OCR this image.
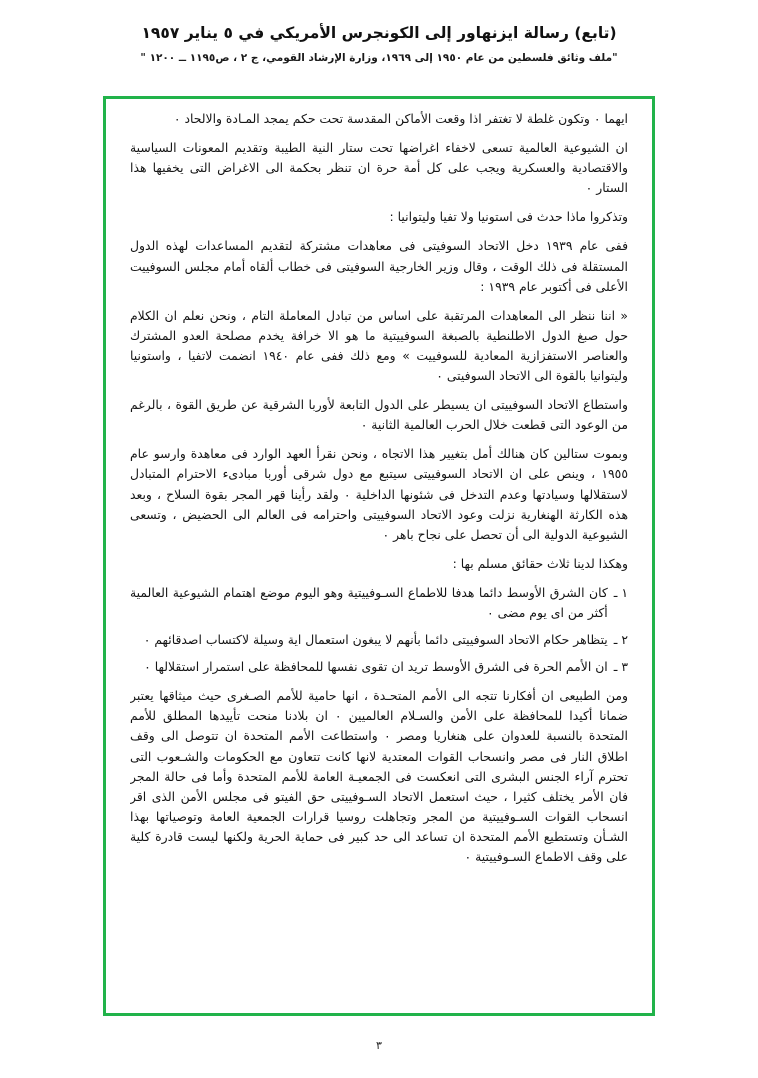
(تابع) رسالة ايزنهاور إلى الكونجرس الأمريكي في ٥ يناير ١٩٥٧
"ملف وثائق فلسطين من عام ١٩٥٠ إلى ١٩٦٩، وزارة الإرشاد القومي، ج ٢ ، ص١١٩٥ ــ ١٢٠٠ "

ايهما ٠ وتكون غلطة لا تغتفر اذا وقعت الأماكن المقدسة تحت حكم يمجد المـادة والالحاد ٠

ان الشيوعية العالمية تسعى لاخفاء اغراضها تحت ستار النية الطيبة وتقديم المعونات السياسية والاقتصادية والعسكرية ويجب على كل أمة حرة ان تنظر بحكمة الى الاغراض التى يخفيها هذا الستار ٠

وتذكروا ماذا حدث فى استونيا ولا تفيا وليتوانيا :

ففى عام ١٩٣٩ دخل الاتحاد السوفيتى فى معاهدات مشتركة لتقديم المساعدات لهذه الدول المستقلة فى ذلك الوقت ، وقال وزير الخارجية السوفيتى فى خطاب ألقاه أمام مجلس السوفييت الأعلى فى أكتوبر عام ١٩٣٩ :

« اننا ننظر الى المعاهدات المرتقبة على اساس من تبادل المعاملة التام ، ونحن نعلم ان الكلام حول صبغ الدول الاطلنطية بالصبغة السوفييتية ما هو الا خرافة يخدم مصلحة العدو المشترك والعناصر الاستفزازية المعادية للسوفييت » ومع ذلك ففى عام ١٩٤٠ انضمت لاتفيا ، واستونيا وليتوانيا بالقوة الى الاتحاد السوفيتى ٠

واستطاع الاتحاد السوفييتى ان يسيطر على الدول التابعة لأوربا الشرقية عن طريق القوة ، بالرغم من الوعود التى قطعت خلال الحرب العالمية الثانية ٠

وبموت ستالين كان هنالك أمل بتغيير هذا الاتجاه ، ونحن نقرأ العهد الوارد فى معاهدة وارسو عام ١٩٥٥ ، وينص على ان الاتحاد السوفييتى سيتبع مع دول شرقى أوربا مبادىء الاحترام المتبادل لاستقلالها وسيادتها وعدم التدخل فى شئونها الداخلية ٠ ولقد رأينا قهر المجر بقوة السلاح ، وبعد هذه الكارثة الهنغارية نزلت وعود الاتحاد السوفييتى واحترامه فى العالم الى الحضيض ، وتسعى الشيوعية الدولية الى أن تحصل على نجاح باهر ٠

وهكذا لدينا ثلاث حقائق مسلم بها :

١ ـ
كان الشرق الأوسط دائما هدفا للاطماع السـوفييتية وهو اليوم موضع اهتمام الشيوعية العالمية أكثر من اى يوم مضى ٠
٢ ـ
يتظاهر حكام الاتحاد السوفييتى دائما بأنهم لا يبغون استعمال اية وسيلة لاكتساب اصدقائهم ٠
٣ ـ
ان الأمم الحرة فى الشرق الأوسط تريد ان تقوى نفسها للمحافظة على استمرار استقلالها ٠

ومن الطبيعى ان أفكارنا تتجه الى الأمم المتحـدة ، انها حامية للأمم الصـغرى حيث ميثاقها يعتبر ضمانا أكيدا للمحافظة على الأمن والسـلام العالميين ٠ ان بلادنا منحت تأييدها المطلق للأمم المتحدة بالنسبة للعدوان على هنغاريا ومصر ٠ واستطاعت الأمم المتحدة ان تتوصل الى وقف اطلاق النار فى مصر وانسحاب القوات المعتدية لانها كانت تتعاون مع الحكومات والشـعوب التى تحترم آراء الجنس البشرى التى انعكست فى الجمعيـة العامة للأمم المتحدة وأما فى حالة المجر فان الأمر يختلف كثيرا ، حيث استعمل الاتحاد السـوفييتى حق الفيتو فى مجلس الأمن الذى اقر انسحاب القوات السـوفييتية من المجر وتجاهلت روسيا قرارات الجمعية العامة وتوصياتها بهذا الشـأن وتستطيع الأمم المتحدة ان تساعد الى حد كبير فى حماية الحرية ولكنها ليست قادرة كلية على وقف الاطماع السـوفييتية ٠

٣
